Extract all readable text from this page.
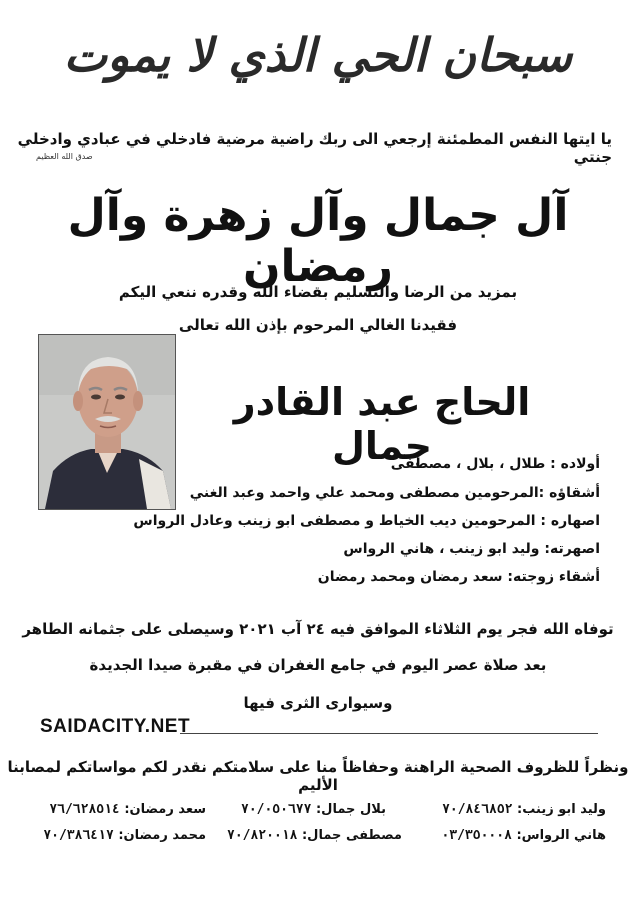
سبحان الحي الذي لا يموت
يا ايتها النفس المطمئنة إرجعي الى ربك راضية مرضية فادخلي في عبادي وادخلي جنتي
صدق الله العظيم
آل جمال وآل زهرة وآل رمضان
بمزيد من الرضا والتسليم بقضاء الله وقدره ننعي اليكم
فقيدنا الغالي المرحوم بإذن الله تعالى
الحاج عبد القادر جمال	أولاده : طلال ، بلال ، مصطفى
أشقاؤه :المرحومين مصطفى ومحمد علي واحمد وعبد الغني
اصهاره : المرحومين ديب الخياط و مصطفى ابو زينب وعادل الرواس
اصهرته: وليد ابو زينب ، هاني الرواس
أشقاء زوجته: سعد رمضان ومحمد رمضان
توفاه الله فجر يوم الثلاثاء الموافق فيه ٢٤ آب ٢٠٢١ وسيصلى على جثمانه الطاهر
بعد صلاة عصر اليوم في جامع الغفران في مقبرة صيدا الجديدة
وسيوارى الثرى فيها
SAIDACITY.NET
ونظراً للظروف الصحية الراهنة وحفاظاً منا على سلامتكم نقدر لكم مواساتكم لمصابنا الأليم
وليد ابو زينب: ٧٠/٨٤٦٨٥٢
بلال جمال: ٧٠/٠٥٠٦٧٧
سعد رمضان: ٧٦/٦٢٨٥١٤
هاني الرواس: ٠٣/٣٥٠٠٠٨
مصطفى جمال: ٧٠/٨٢٠٠١٨
محمد رمضان: ٧٠/٣٨٦٤١٧
